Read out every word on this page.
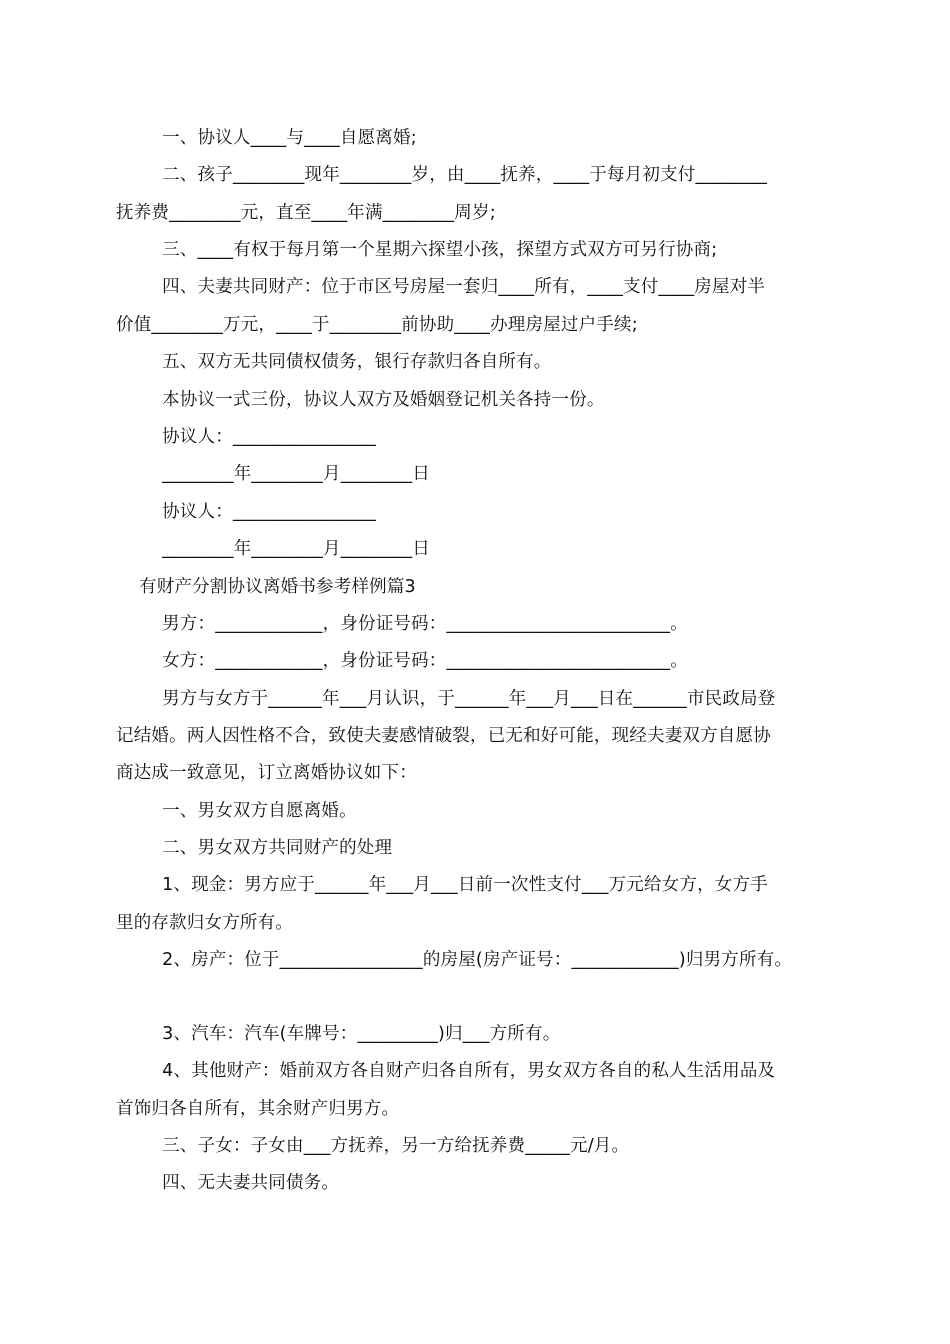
一、协议人____与____自愿离婚;
二、孩子________现年________岁，由____抚养，____于每月初支付________
抚养费________元，直至____年满________周岁;
三、____有权于每月第一个星期六探望小孩，探望方式双方可另行协商;
四、夫妻共同财产：位于市区号房屋一套归____所有，____支付____房屋对半
价值________万元，____于________前协助____办理房屋过户手续;
五、双方无共同债权债务，银行存款归各自所有。
本协议一式三份，协议人双方及婚姻登记机关各持一份。
协议人：________________
________年________月________日
协议人：________________
________年________月________日
有财产分割协议离婚书参考样例篇3
男方：____________，身份证号码：_________________________。
女方：____________，身份证号码：_________________________。
男方与女方于______年___月认识，于______年___月___日在______市民政局登
记结婚。两人因性格不合，致使夫妻感情破裂，已无和好可能，现经夫妻双方自愿协
商达成一致意见，订立离婚协议如下：
一、男女双方自愿离婚。
二、男女双方共同财产的处理
1、现金：男方应于______年___月___日前一次性支付___万元给女方，女方手
里的存款归女方所有。
2、房产：位于________________的房屋(房产证号：____________)归男方所有。
3、汽车：汽车(车牌号：_________)归___方所有。
4、其他财产：婚前双方各自财产归各自所有，男女双方各自的私人生活用品及
首饰归各自所有，其余财产归男方。
三、子女：子女由___方抚养，另一方给抚养费_____元/月。
四、无夫妻共同债务。
